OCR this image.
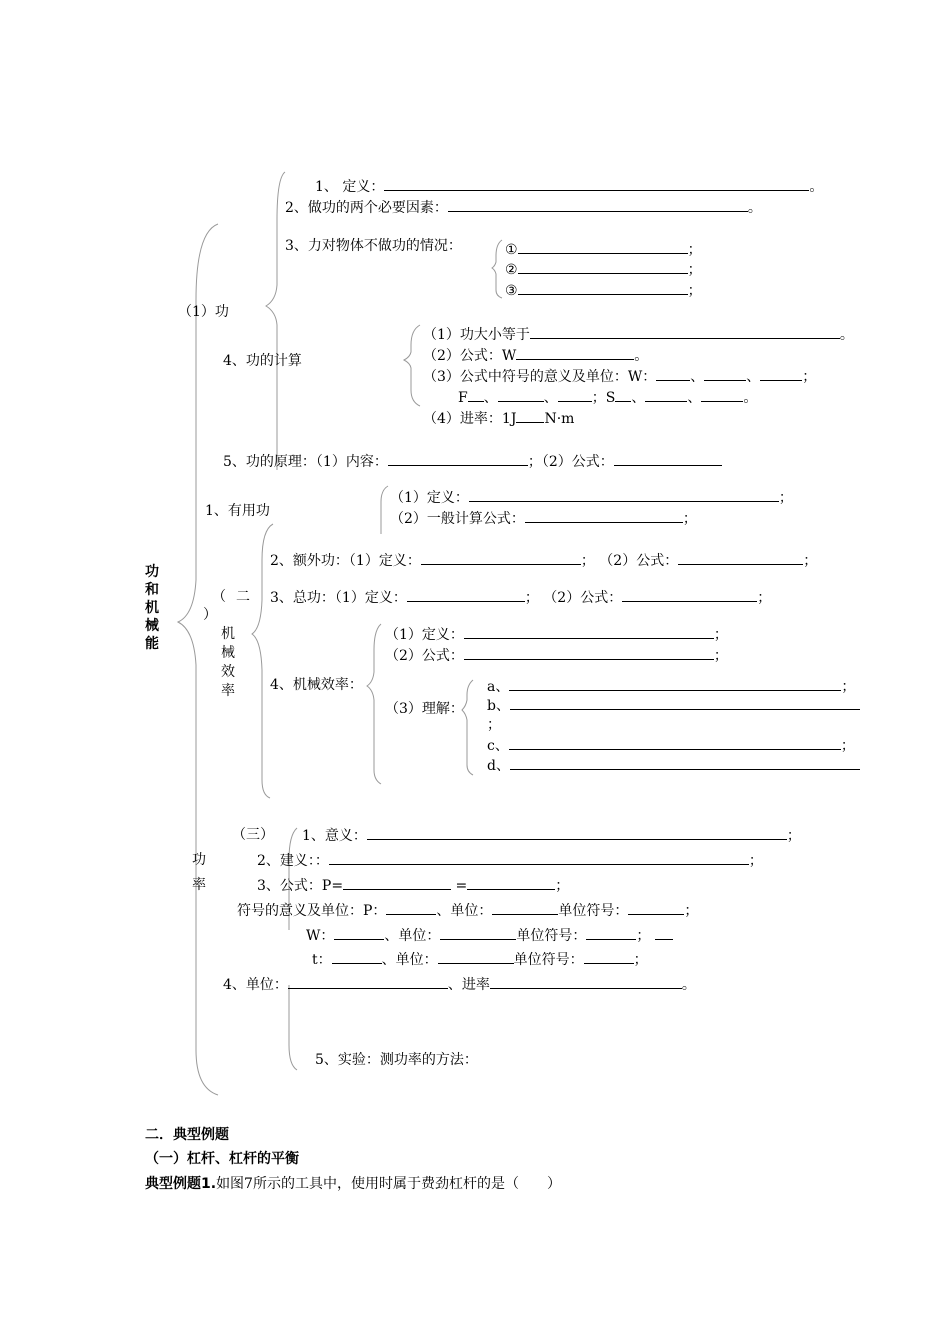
功和机械能
（1）功
1、 定义：	。
2、做功的两个必要因素：	。
3、力对物体不做功的情况：	①	；
②	；
③	；
4、功的计算
（1）功大小等于	。
（2）公式：W	。
（3）公式中符号的意义及单位：W： 、	、	；
F 、	、 ；S 、	、	。
（4）进率：1J N·m
5、功的原理：（1）内容：	；（2）公式：
1、有用功
（1）定义：	；
（2）一般计算公式：	；
2、额外功：（1）定义：	； （2）公式：	；
3、总功：（1）定义：	； （2）公式：	；
（ 二
）
机
械
效
率	4、机械效率：
（1）定义：	；
（2）公式：	；
（3）理解：
a、	；
b、
；
c、	；
d、
（三）
功
率
1、意义：	；
2、建义：：	；
3、公式：P=	=	；
符号的意义及单位：P：	、单位：	单位符号：	；
W：	、单位：	单位符号：	；
t：	、单位：	单位符号：	；
4、单位：	、进率	。
5、实验：测功率的方法：
二．典型例题
（一）杠杆、杠杆的平衡
典型例题1.如图7所示的工具中，使用时属于费劲杠杆的是（　　）
